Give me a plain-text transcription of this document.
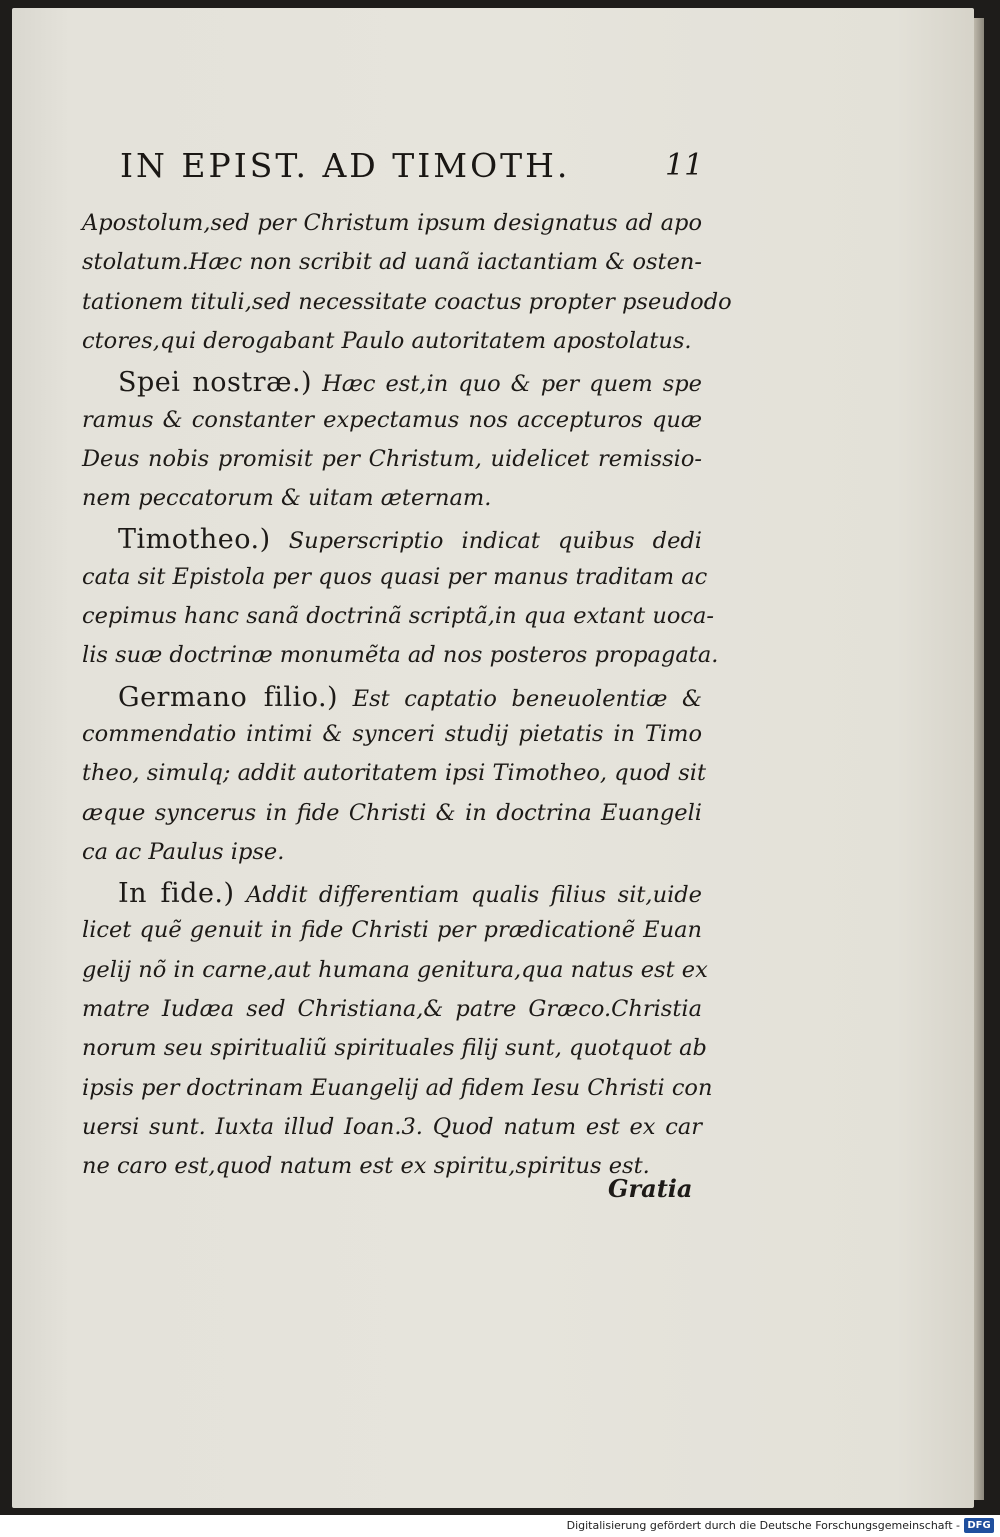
IN EPIST. AD TIMOTH.	11
Apostolum,sed per Christum ipsum designatus ad apo
stolatum.Hæc non scribit ad uanã iactantiam & osten-
tationem tituli,sed necessitate coactus propter pseudodo
ctores,qui derogabant Paulo autoritatem apostolatus.
Spei nostræ.) Hæc est,in quo & per quem spe
ramus & constanter expectamus nos accepturos quæ
Deus nobis promisit per Christum, uidelicet remissio-
nem peccatorum & uitam æternam.
Timotheo.) Superscriptio indicat quibus dedi
cata sit Epistola per quos quasi per manus traditam ac
cepimus hanc sanã doctrinã scriptã,in qua extant uoca-
lis suæ doctrinæ monumẽta ad nos posteros propagata.
Germano filio.) Est captatio beneuolentiæ &
commendatio intimi & synceri studij pietatis in Timo
theo, simulq; addit autoritatem ipsi Timotheo, quod sit
æque syncerus in fide Christi & in doctrina Euangeli
ca ac Paulus ipse.
In fide.) Addit differentiam qualis filius sit,uide
licet quẽ genuit in fide Christi per prædicationẽ Euan
gelij nõ in carne,aut humana genitura,qua natus est ex
matre Iudæa sed Christiana,& patre Græco.Christia
norum seu spiritualiũ spirituales filij sunt, quotquot ab
ipsis per doctrinam Euangelij ad fidem Iesu Christi con
uersi sunt. Iuxta illud Ioan.3. Quod natum est ex car
ne caro est,quod natum est ex spiritu,spiritus est.
Gratia
Digitalisierung gefördert durch die Deutsche Forschungsgemeinschaft - DFG
